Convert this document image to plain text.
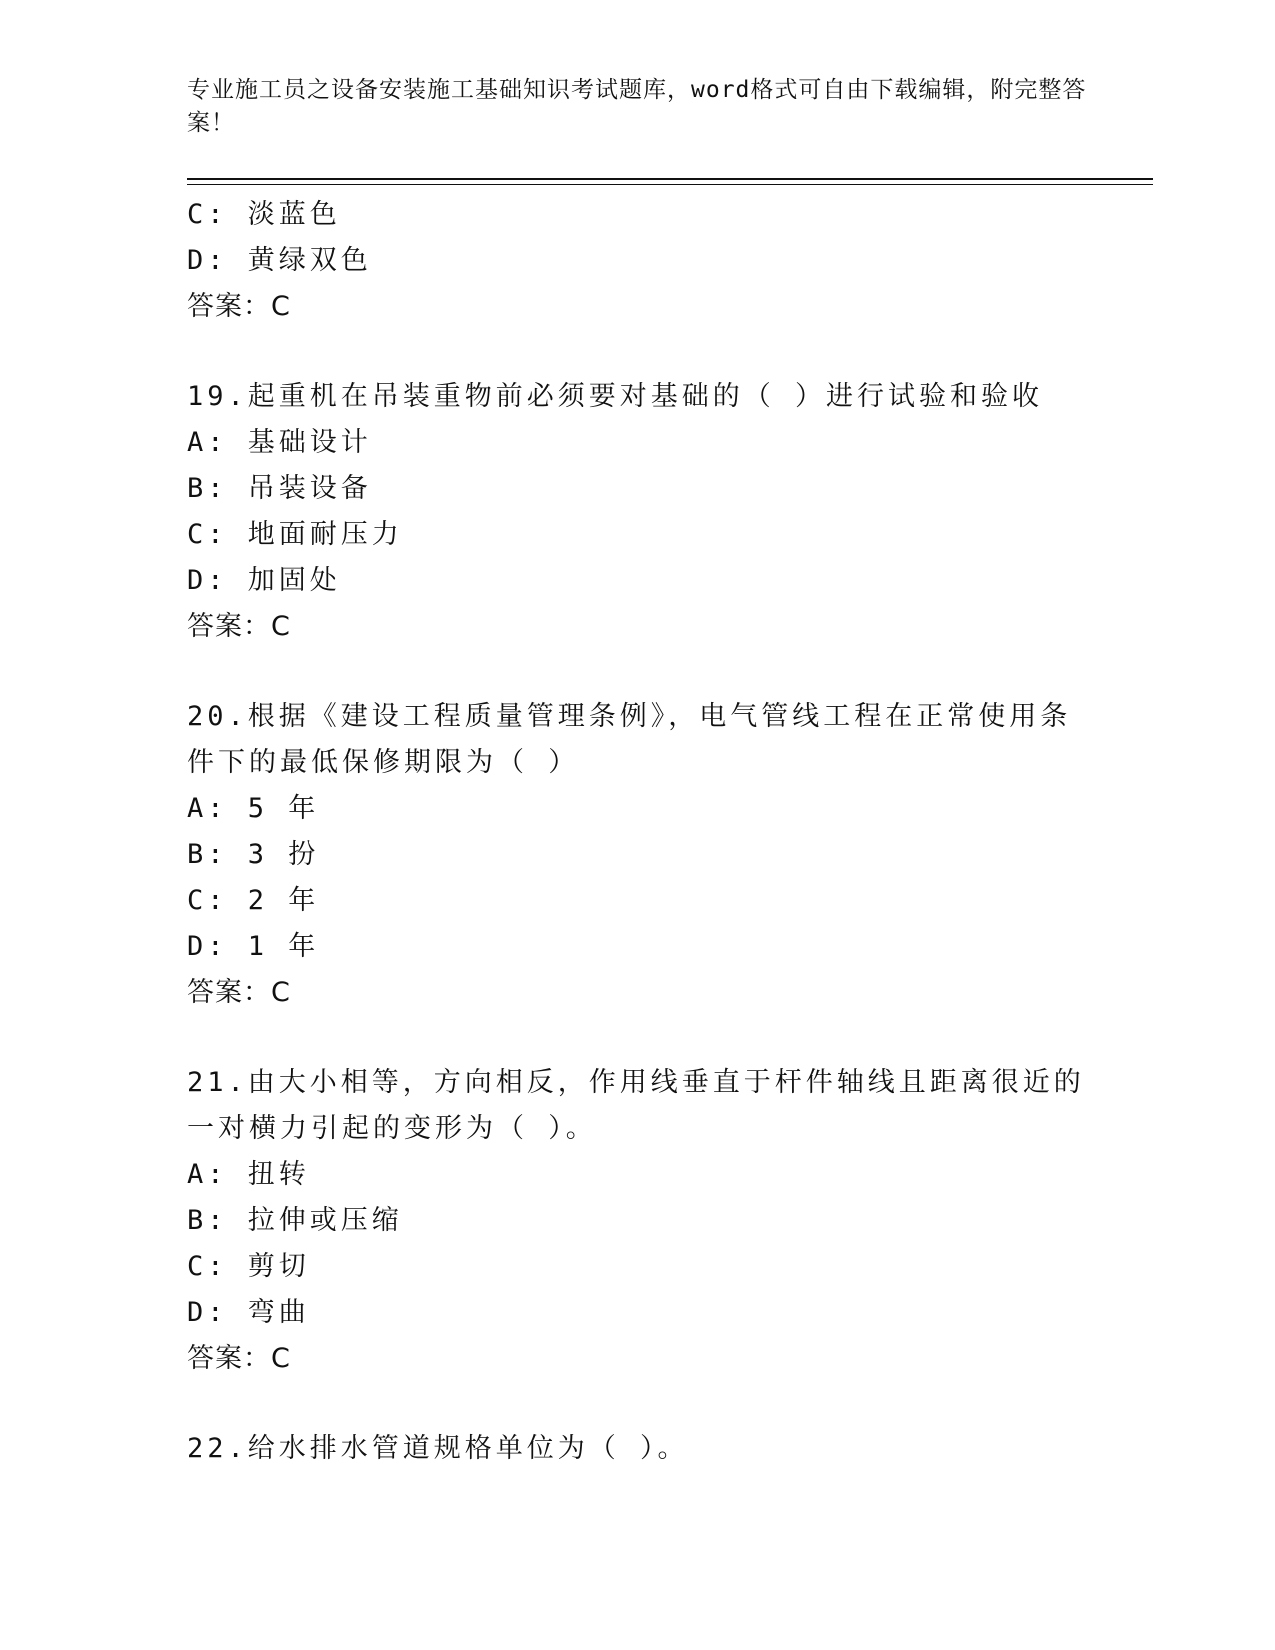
专业施工员之设备安装施工基础知识考试题库，word格式可自由下载编辑，附完整答案！
C: 淡蓝色
D: 黄绿双色
答案：C
19.起重机在吊装重物前必须要对基础的（ ）进行试验和验收
A: 基础设计
B: 吊装设备
C: 地面耐压力
D: 加固处
答案：C
20.根据《建设工程质量管理条例》，电气管线工程在正常使用条件下的最低保修期限为（ ）
A: 5 年
B: 3 扮
C: 2 年
D: 1 年
答案：C
21.由大小相等，方向相反，作用线垂直于杆件轴线且距离很近的一对横力引起的变形为（ ）。
A: 扭转
B: 拉伸或压缩
C: 剪切
D: 弯曲
答案：C
22.给水排水管道规格单位为（ ）。
